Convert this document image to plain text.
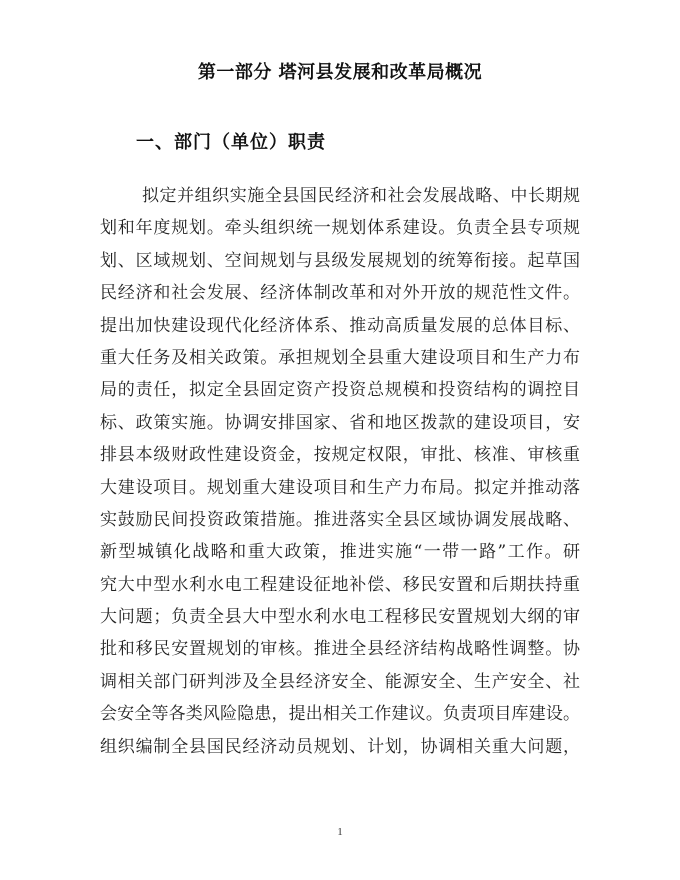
第一部分 塔河县发展和改革局概况
一、部门（单位）职责
拟定并组织实施全县国民经济和社会发展战略、中长期规
划和年度规划。牵头组织统一规划体系建设。负责全县专项规
划、区域规划、空间规划与县级发展规划的统筹衔接。起草国
民经济和社会发展、经济体制改革和对外开放的规范性文件。
提出加快建设现代化经济体系、推动高质量发展的总体目标、
重大任务及相关政策。承担规划全县重大建设项目和生产力布
局的责任，拟定全县固定资产投资总规模和投资结构的调控目
标、政策实施。协调安排国家、省和地区拨款的建设项目，安
排县本级财政性建设资金，按规定权限，审批、核准、审核重
大建设项目。规划重大建设项目和生产力布局。拟定并推动落
实鼓励民间投资政策措施。推进落实全县区域协调发展战略、
新型城镇化战略和重大政策，推进实施“一带一路”工作。研
究大中型水利水电工程建设征地补偿、移民安置和后期扶持重
大问题；负责全县大中型水利水电工程移民安置规划大纲的审
批和移民安置规划的审核。推进全县经济结构战略性调整。协
调相关部门研判涉及全县经济安全、能源安全、生产安全、社
会安全等各类风险隐患，提出相关工作建议。负责项目库建设。
组织编制全县国民经济动员规划、计划，协调相关重大问题，
1
